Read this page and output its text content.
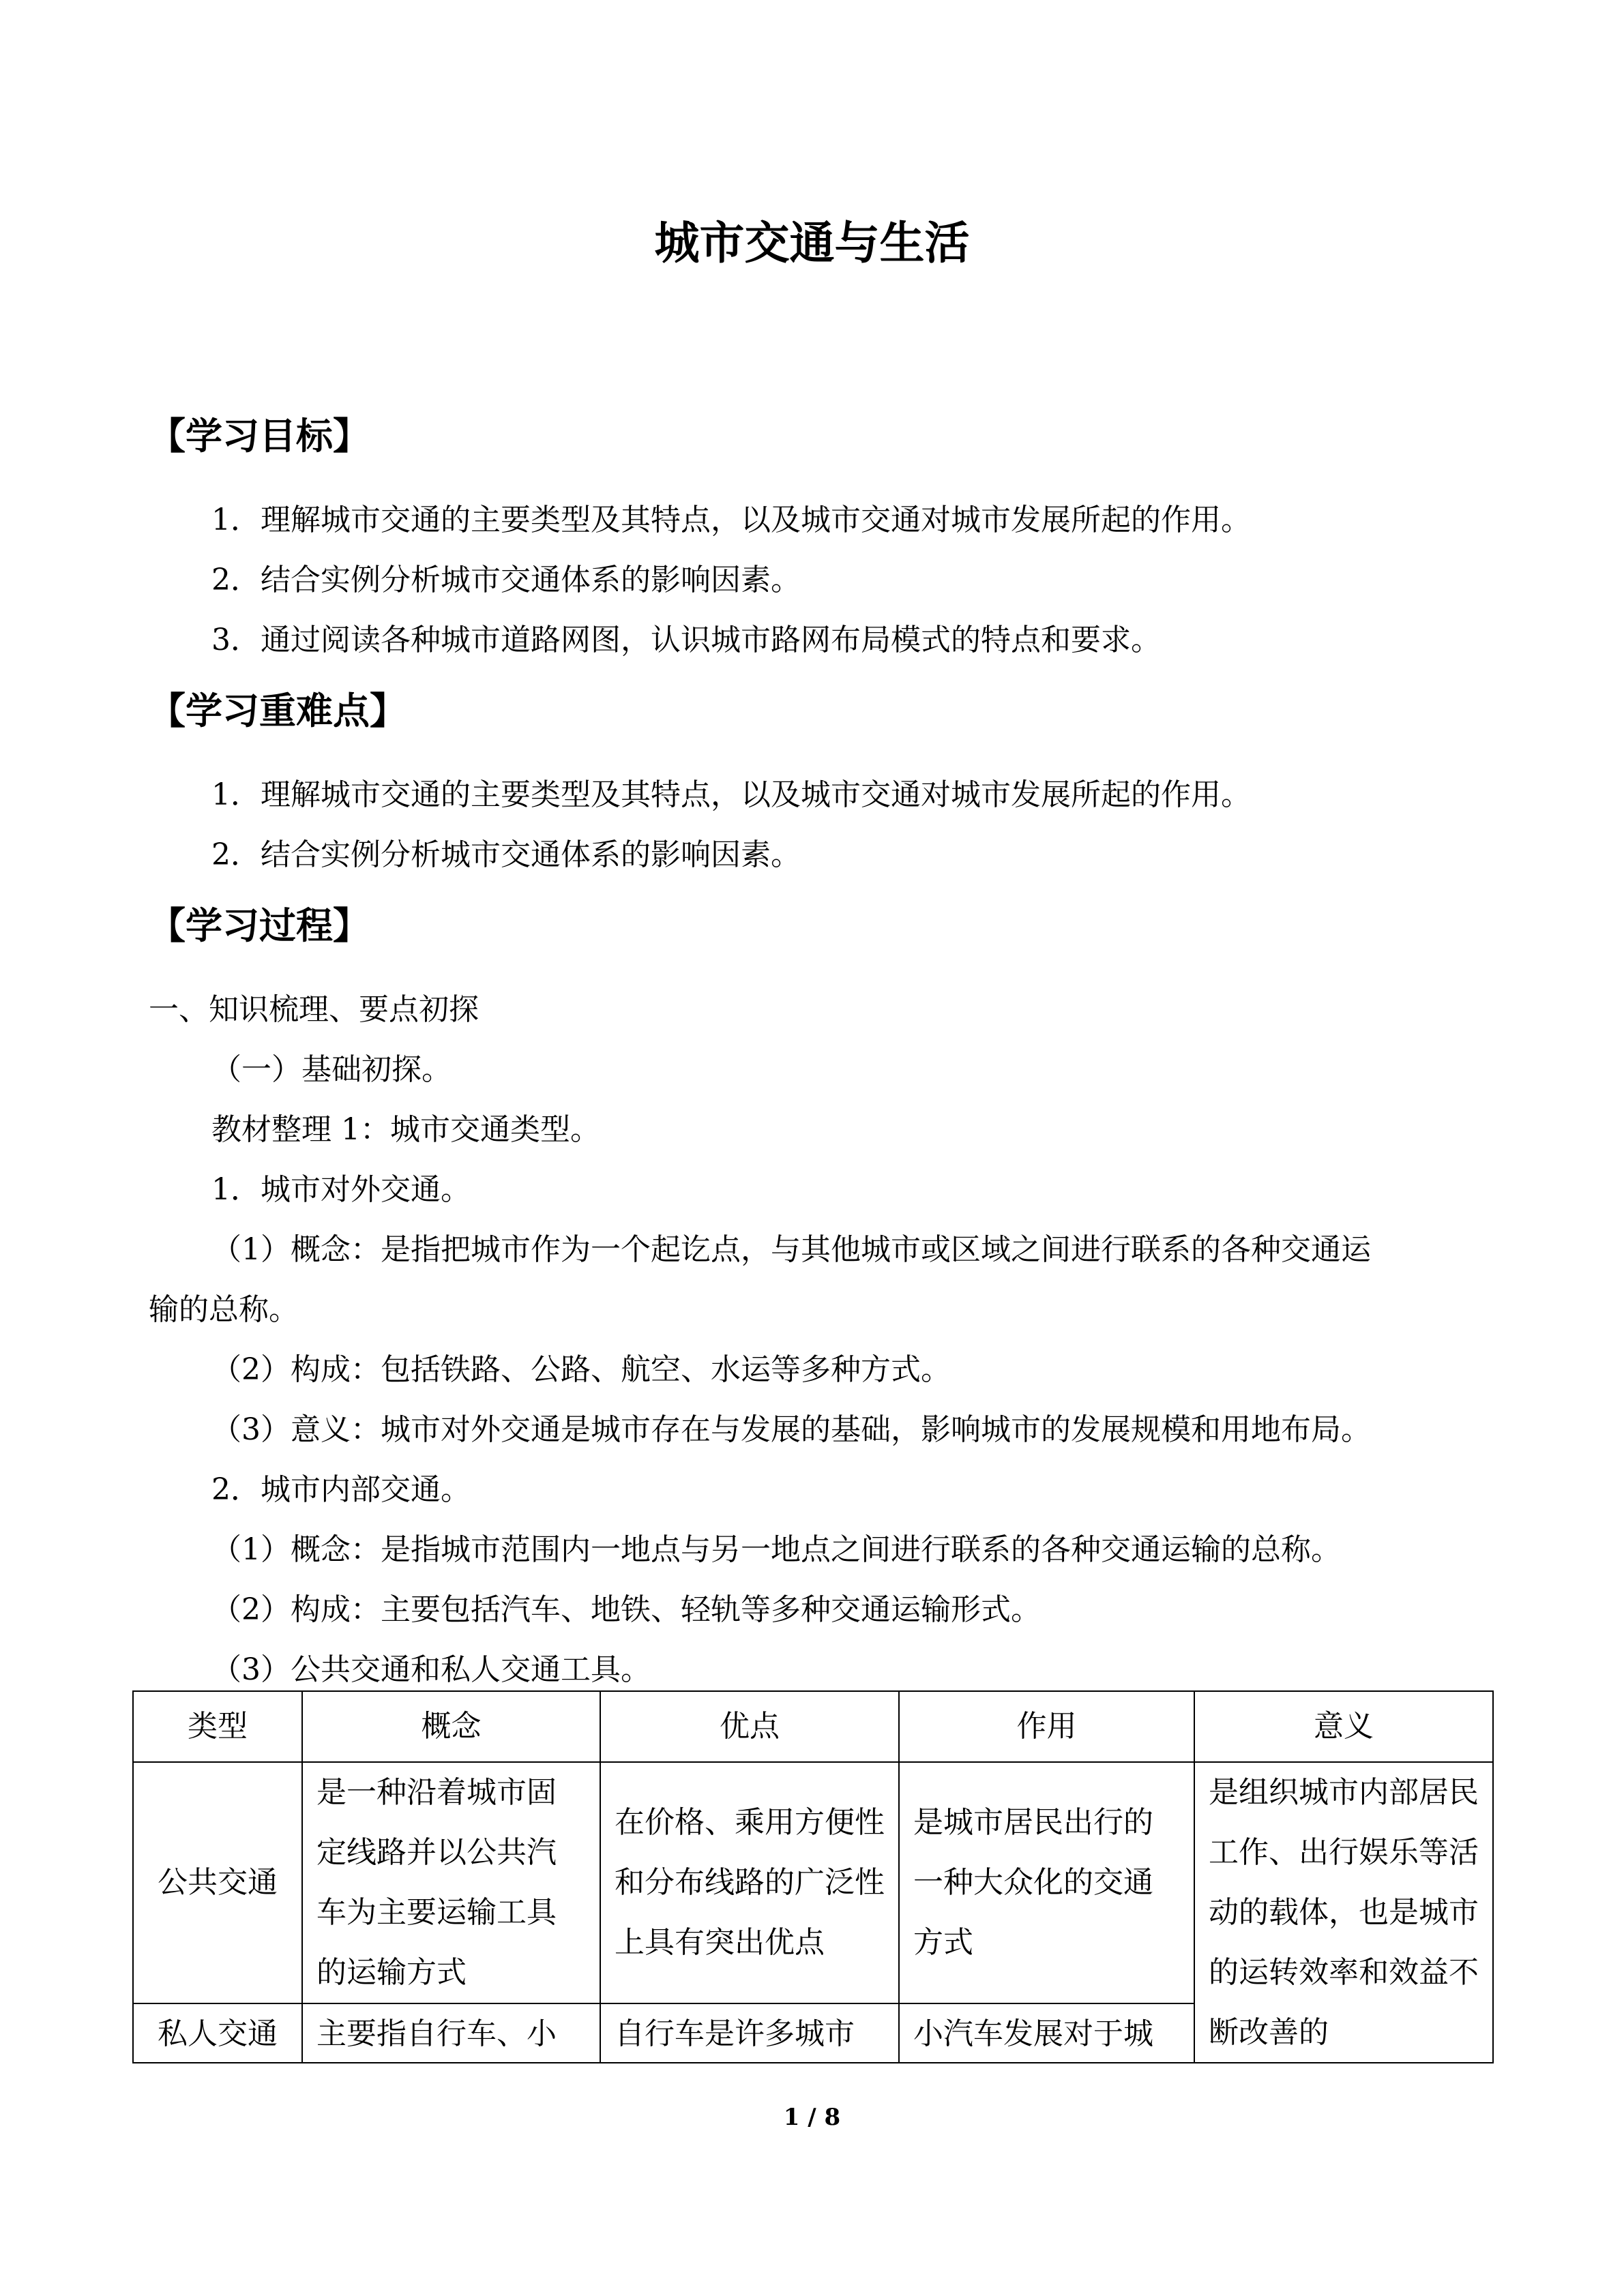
城市交通与生活
【学习目标】
1．理解城市交通的主要类型及其特点，以及城市交通对城市发展所起的作用。
2．结合实例分析城市交通体系的影响因素。
3．通过阅读各种城市道路网图，认识城市路网布局模式的特点和要求。
【学习重难点】
1．理解城市交通的主要类型及其特点，以及城市交通对城市发展所起的作用。
2．结合实例分析城市交通体系的影响因素。
【学习过程】
一、知识梳理、要点初探
（一）基础初探。
教材整理 1：城市交通类型。
1．城市对外交通。
（1）概念：是指把城市作为一个起讫点，与其他城市或区域之间进行联系的各种交通运
输的总称。
（2）构成：包括铁路、公路、航空、水运等多种方式。
（3）意义：城市对外交通是城市存在与发展的基础，影响城市的发展规模和用地布局。
2．城市内部交通。
（1）概念：是指城市范围内一地点与另一地点之间进行联系的各种交通运输的总称。
（2）构成：主要包括汽车、地铁、轻轨等多种交通运输形式。
（3）公共交通和私人交通工具。
类型	概念	优点	作用	意义
公共交通	是一种沿着城市固定线路并以公共汽车为主要运输工具的运输方式	在价格、乘用方便性和分布线路的广泛性上具有突出优点	是城市居民出行的一种大众化的交通方式	是组织城市内部居民工作、出行娱乐等活动的载体，也是城市的运转效率和效益不断改善的
私人交通	主要指自行车、小	自行车是许多城市	小汽车发展对于城	
1 / 8
